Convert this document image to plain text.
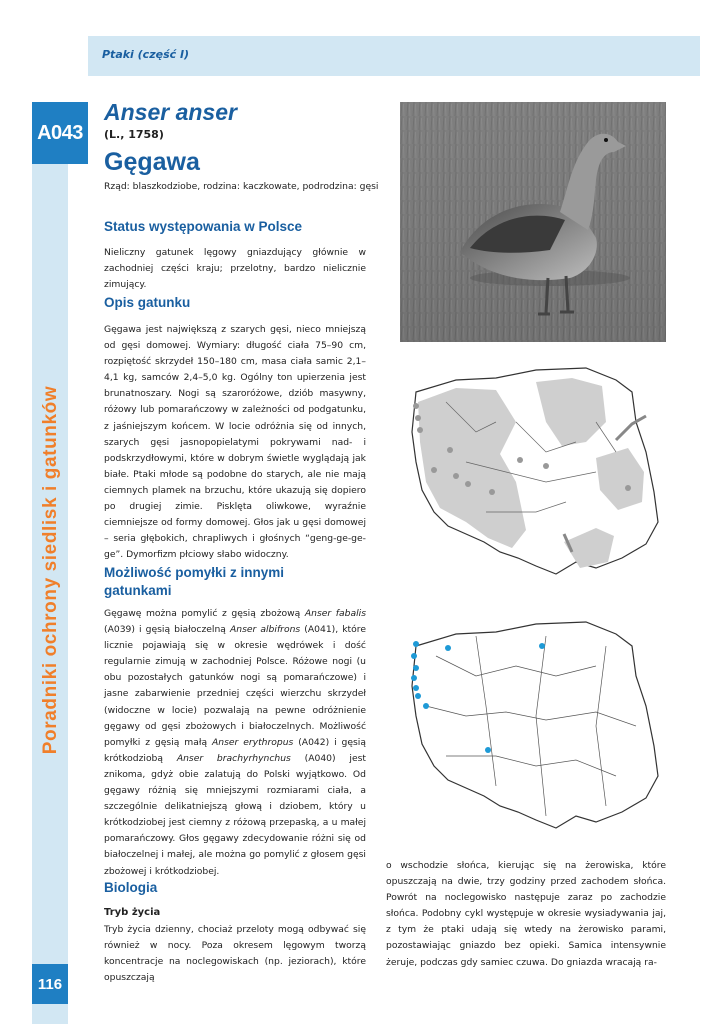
Ptaki (część I)
A043
Poradniki ochrony siedlisk i gatunków
116
Anser anser
(L., 1758)
Gęgawa
Rząd: blaszkodziobe, rodzina: kaczkowate, podrodzina: gęsi
Status występowania w Polsce
Nieliczny gatunek lęgowy gniazdujący głównie w zachodniej części kraju; przelotny, bardzo nielicznie zimujący.
Opis gatunku
Gęgawa jest największą z szarych gęsi, nieco mniejszą od gęsi domowej. Wymiary: długość ciała 75–90 cm, rozpiętość skrzydeł 150–180 cm, masa ciała samic 2,1–4,1 kg, samców 2,4–5,0 kg. Ogólny ton upierzenia jest brunatnoszary. Nogi są szaroróżowe, dziób masywny, różowy lub pomarańczowy w zależności od podgatunku, z jaśniejszym końcem. W locie odróżnia się od innych, szarych gęsi jasnopopielatymi pokrywami nad- i podskrzydłowymi, które w dobrym świetle wyglądają jak białe. Ptaki młode są podobne do starych, ale nie mają ciemnych plamek na brzuchu, które ukazują się dopiero po drugiej zimie. Pisklęta oliwkowe, wyraźnie ciemniejsze od formy domowej. Głos jak u gęsi domowej – seria głębokich, chrapliwych i głośnych “geng-ge-ge-ge”. Dymorfizm płciowy słabo widoczny.
Możliwość pomyłki z innymi gatunkami
Gęgawę można pomylić z gęsią zbożową Anser fabalis (A039) i gęsią białoczelną Anser albifrons (A041), które licznie pojawiają się w okresie wędrówek i dość regularnie zimują w zachodniej Polsce. Różowe nogi (u obu pozostałych gatunków nogi są pomarańczowe) i jasne zabarwienie przedniej części wierzchu skrzydeł (widoczne w locie) pozwalają na pewne odróżnienie gęgawy od gęsi zbożowych i białoczelnych. Możliwość pomyłki z gęsią małą Anser erythropus (A042) i gęsią krótkodziobą Anser brachyrhynchus (A040) jest znikoma, gdyż obie zalatują do Polski wyjątkowo. Od gęgawy różnią się mniejszymi rozmiarami ciała, a szczególnie delikatniejszą głową i dziobem, który u krótkodziobej jest ciemny z różową przepaską, a u małej pomarańczowy. Głos gęgawy zdecydowanie różni się od białoczelnej i małej, ale można go pomylić z głosem gęsi zbożowej i krótkodziobej.
Biologia
Tryb życia
Tryb życia dzienny, chociaż przeloty mogą odbywać się również w nocy. Poza okresem lęgowym tworzą koncentracje na noclegowiskach (np. jeziorach), które opuszczają
o wschodzie słońca, kierując się na żerowiska, które opuszczają na dwie, trzy godziny przed zachodem słońca. Powrót na noclegowisko następuje zaraz po zachodzie słońca. Podobny cykl występuje w okresie wysiadywania jaj, z tym że ptaki udają się wtedy na żerowisko parami, pozostawiając gniazdo bez opieki. Samica intensywnie żeruje, podczas gdy samiec czuwa. Do gniazda wracają ra-
